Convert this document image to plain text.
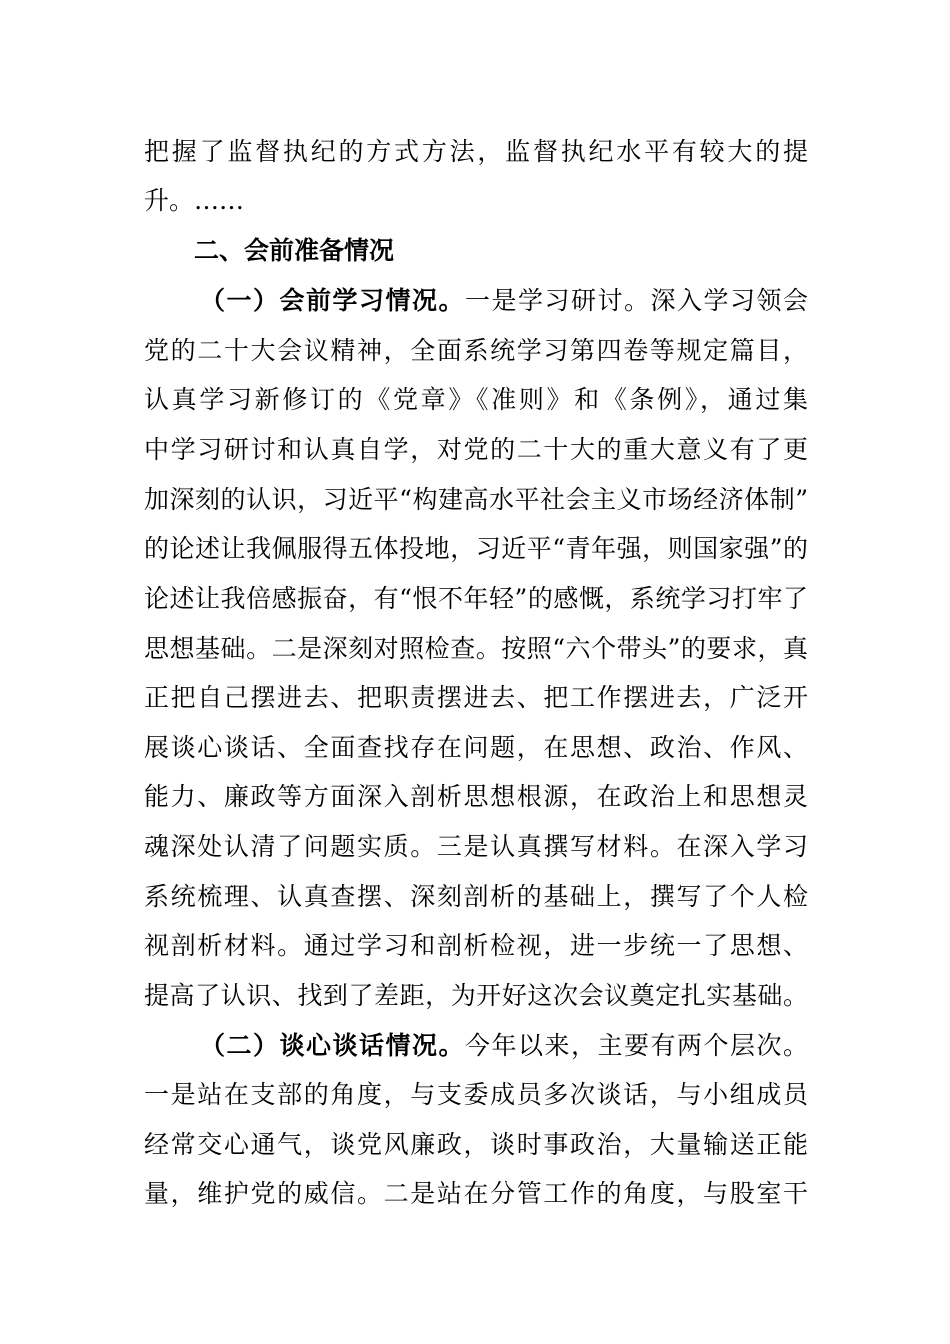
把握了监督执纪的方式方法，监督执纪水平有较大的提
升。……
二、会前准备情况
（一）会前学习情况。一是学习研讨。深入学习领会
党的二十大会议精神，全面系统学习第四卷等规定篇目，
认真学习新修订的《党章》《准则》和《条例》，通过集
中学习研讨和认真自学，对党的二十大的重大意义有了更
加深刻的认识，习近平“构建高水平社会主义市场经济体制”
的论述让我佩服得五体投地，习近平“青年强，则国家强”的
论述让我倍感振奋，有“恨不年轻”的感慨，系统学习打牢了
思想基础。二是深刻对照检查。按照“六个带头”的要求，真
正把自己摆进去、把职责摆进去、把工作摆进去，广泛开
展谈心谈话、全面查找存在问题，在思想、政治、作风、
能力、廉政等方面深入剖析思想根源，在政治上和思想灵
魂深处认清了问题实质。三是认真撰写材料。在深入学习
系统梳理、认真查摆、深刻剖析的基础上，撰写了个人检
视剖析材料。通过学习和剖析检视，进一步统一了思想、
提高了认识、找到了差距，为开好这次会议奠定扎实基础。
（二）谈心谈话情况。今年以来，主要有两个层次。
一是站在支部的角度，与支委成员多次谈话，与小组成员
经常交心通气，谈党风廉政，谈时事政治，大量输送正能
量，维护党的威信。二是站在分管工作的角度，与股室干
